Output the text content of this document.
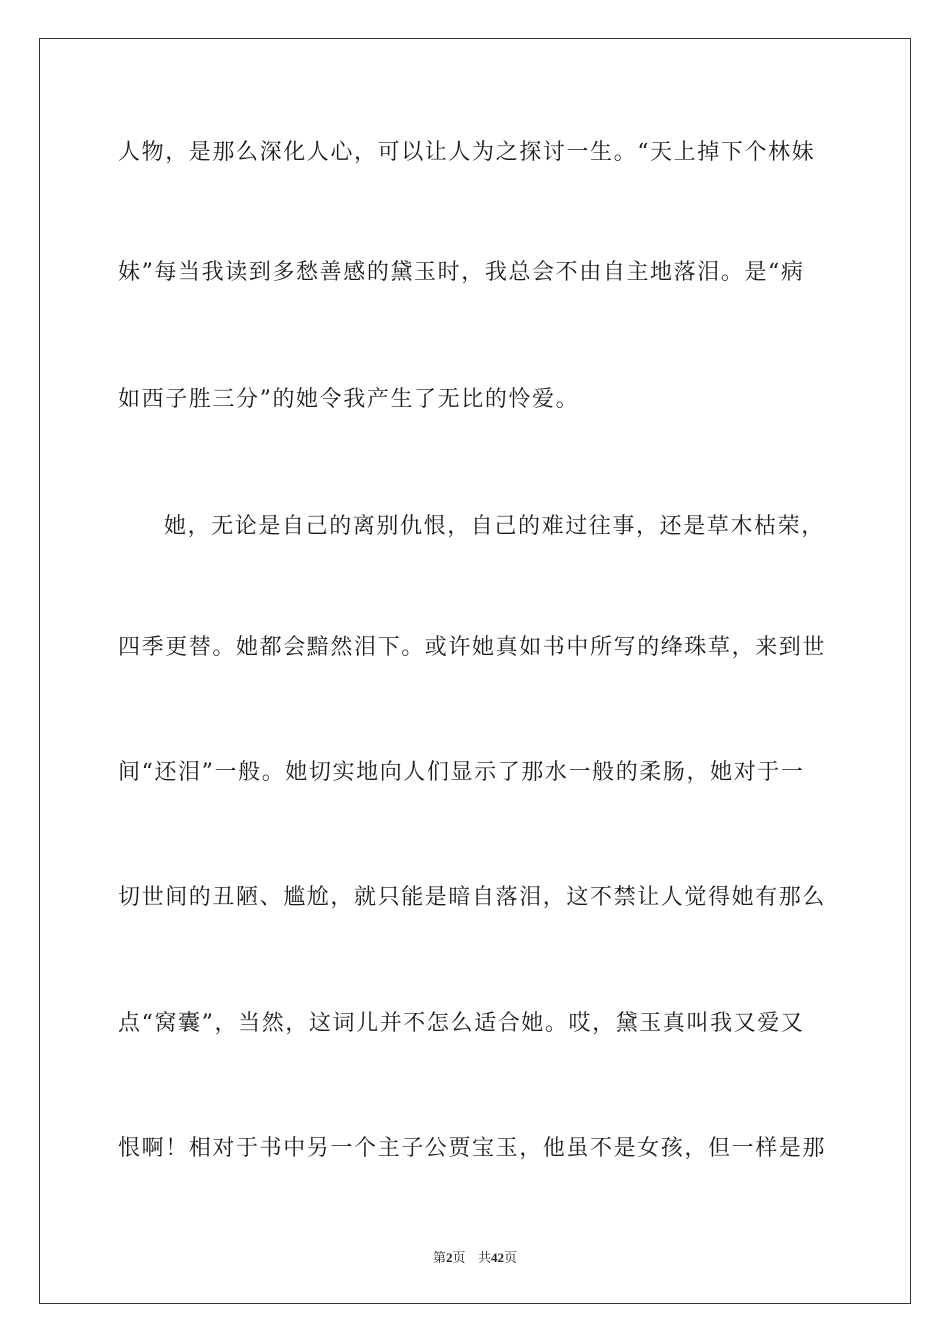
人物，是那么深化人心，可以让人为之探讨一生。“天上掉下个林妹
妹”每当我读到多愁善感的黛玉时，我总会不由自主地落泪。是“病
如西子胜三分”的她令我产生了无比的怜爱。
她，无论是自己的离别仇恨，自己的难过往事，还是草木枯荣，
四季更替。她都会黯然泪下。或许她真如书中所写的绛珠草，来到世
间“还泪”一般。她切实地向人们显示了那水一般的柔肠，她对于一
切世间的丑陋、尴尬，就只能是暗自落泪，这不禁让人觉得她有那么
点“窝囊”，当然，这词儿并不怎么适合她。哎，黛玉真叫我又爱又
恨啊！相对于书中另一个主子公贾宝玉，他虽不是女孩，但一样是那
第2页 共42页
